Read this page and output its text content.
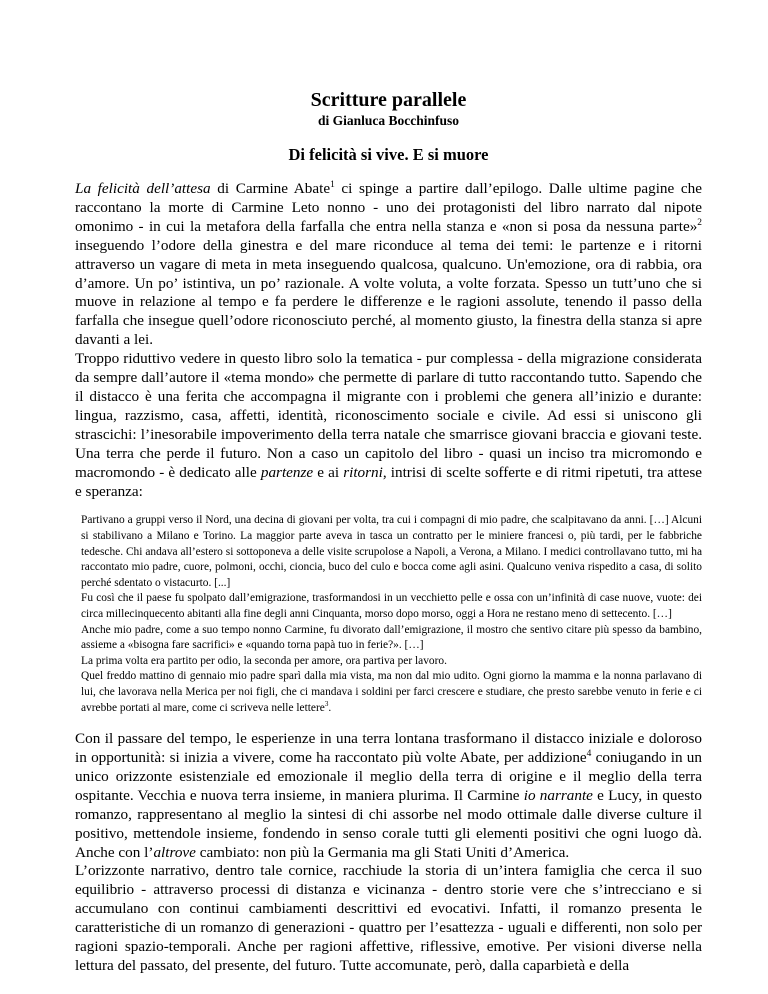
Scritture parallele
di Gianluca Bocchinfuso
Di felicità si vive. E si muore

La felicità dell’attesa di Carmine Abate$^1$ ci spinge a partire dall’epilogo. Dalle ultime pagine che raccontano la morte di Carmine Leto nonno - uno dei protagonisti del libro narrato dal nipote omonimo - in cui la metafora della farfalla che entra nella stanza e «non si posa da nessuna parte»$^2$ inseguendo l’odore della ginestra e del mare riconduce al tema dei temi: le partenze e i ritorni attraverso un vagare di meta in meta inseguendo qualcosa, qualcuno. Un'emozione, ora di rabbia, ora d’amore. Un po’ istintiva, un po’ razionale. A volte voluta, a volte forzata. Spesso un tutt’uno che si muove in relazione al tempo e fa perdere le differenze e le ragioni assolute, tenendo il passo della farfalla che insegue quell’odore riconosciuto perché, al momento giusto, la finestra della stanza si apre davanti a lei.

Troppo riduttivo vedere in questo libro solo la tematica - pur complessa - della migrazione considerata da sempre dall’autore il «tema mondo» che permette di parlare di tutto raccontando tutto. Sapendo che il distacco è una ferita che accompagna il migrante con i problemi che genera all’inizio e durante: lingua, razzismo, casa, affetti, identità, riconoscimento sociale e civile. Ad essi si uniscono gli strascichi: l’inesorabile impoverimento della terra natale che smarrisce giovani braccia e giovani teste. Una terra che perde il futuro. Non a caso un capitolo del libro - quasi un inciso tra micromondo e macromondo - è dedicato alle partenze e ai ritorni, intrisi di scelte sofferte e di ritmi ripetuti, tra attese e speranza:

Partivano a gruppi verso il Nord, una decina di giovani per volta, tra cui i compagni di mio padre, che scalpitavano da anni. […] Alcuni si stabilivano a Milano e Torino. La maggior parte aveva in tasca un contratto per le miniere francesi o, più tardi, per le fabbriche tedesche. Chi andava all’estero si sottoponeva a delle visite scrupolose a Napoli, a Verona, a Milano. I medici controllavano tutto, mi ha raccontato mio padre, cuore, polmoni, occhi, cioncia, buco del culo e bocca come agli asini. Qualcuno veniva rispedito a casa, di solito perché sdentato o vistacurto. [...]

Fu così che il paese fu spolpato dall’emigrazione, trasformandosi in un vecchietto pelle e ossa con un’infinità di case nuove, vuote: dei circa millecinquecento abitanti alla fine degli anni Cinquanta, morso dopo morso, oggi a Hora ne restano meno di settecento. […]

Anche mio padre, come a suo tempo nonno Carmine, fu divorato dall’emigrazione, il mostro che sentivo citare più spesso da bambino, assieme a «bisogna fare sacrifici» e «quando torna papà tuo in ferie?». […]

La prima volta era partito per odio, la seconda per amore, ora partiva per lavoro.

Quel freddo mattino di gennaio mio padre sparì dalla mia vista, ma non dal mio udito. Ogni giorno la mamma e la nonna parlavano di lui, che lavorava nella Merica per noi figli, che ci mandava i soldini per farci crescere e studiare, che presto sarebbe venuto in ferie e ci avrebbe portati al mare, come ci scriveva nelle lettere$^3$.

Con il passare del tempo, le esperienze in una terra lontana trasformano il distacco iniziale e doloroso in opportunità: si inizia a vivere, come ha raccontato più volte Abate, per addizione$^4$ coniugando in un unico orizzonte esistenziale ed emozionale il meglio della terra di origine e il meglio della terra ospitante. Vecchia e nuova terra insieme, in maniera plurima. Il Carmine io narrante e Lucy, in questo romanzo, rappresentano al meglio la sintesi di chi assorbe nel modo ottimale dalle diverse culture il positivo, mettendole insieme, fondendo in senso corale tutti gli elementi positivi che ogni luogo dà. Anche con l’altrove cambiato: non più la Germania ma gli Stati Uniti d’America.

L’orizzonte narrativo, dentro tale cornice, racchiude la storia di un’intera famiglia che cerca il suo equilibrio - attraverso processi di distanza e vicinanza - dentro storie vere che s’intrecciano e si accumulano con continui cambiamenti descrittivi ed evocativi. Infatti, il romanzo presenta le caratteristiche di un romanzo di generazioni - quattro per l’esattezza - uguali e differenti, non solo per ragioni spazio-temporali. Anche per ragioni affettive, riflessive, emotive. Per visioni diverse nella lettura del passato, del presente, del futuro. Tutte accomunate, però, dalla caparbietà e della
